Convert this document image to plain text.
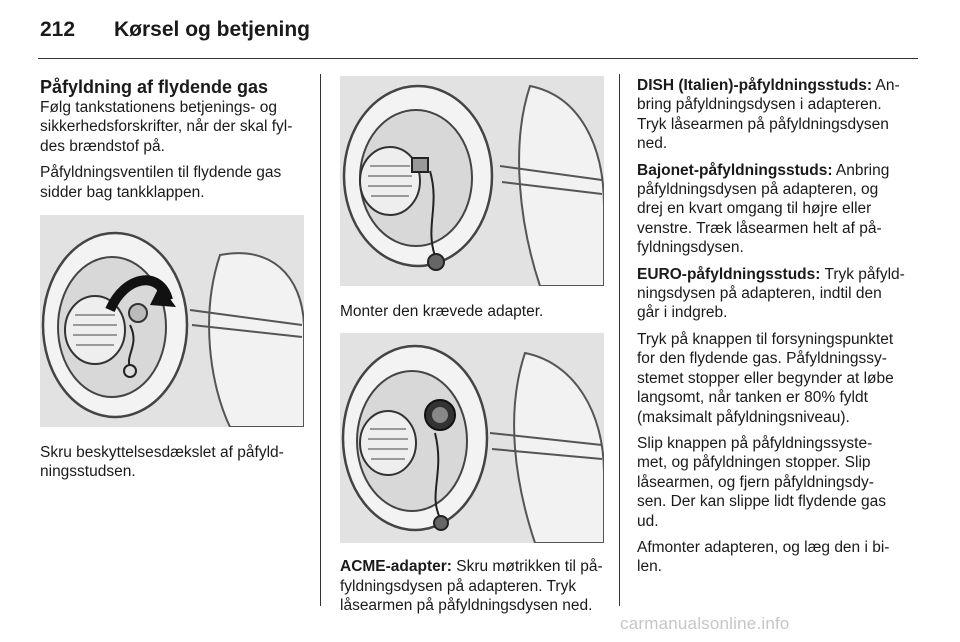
212 Kørsel og betjening
Påfyldning af flydende gas

Følg tankstationens betjenings- og
sikkerhedsforskrifter, når der skal fyl-
des brændstof på.

Påfyldningsventilen til flydende gas
sidder bag tankklappen.

Skru beskyttelsesdækslet af påfyld-
ningsstudsen.

Monter den krævede adapter.

ACME-adapter: Skru møtrikken til på-
fyldningsdysen på adapteren. Tryk
låsearmen på påfyldningsdysen ned.

DISH (Italien)-påfyldningsstuds: An-
bring påfyldningsdysen i adapteren.
Tryk låsearmen på påfyldningsdysen
ned.

Bajonet-påfyldningsstuds: Anbring
påfyldningsdysen på adapteren, og
drej en kvart omgang til højre eller
venstre. Træk låsearmen helt af på-
fyldningsdysen.

EURO-påfyldningsstuds: Tryk påfyld-
ningsdysen på adapteren, indtil den
går i indgreb.

Tryk på knappen til forsyningspunktet
for den flydende gas. Påfyldningssy-
stemet stopper eller begynder at løbe
langsomt, når tanken er 80% fyldt
(maksimalt påfyldningsniveau).

Slip knappen på påfyldningssyste-
met, og påfyldningen stopper. Slip
låsearmen, og fjern påfyldningsdy-
sen. Der kan slippe lidt flydende gas
ud.

Afmonter adapteren, og læg den i bi-
len.

carmanualsonline.info
